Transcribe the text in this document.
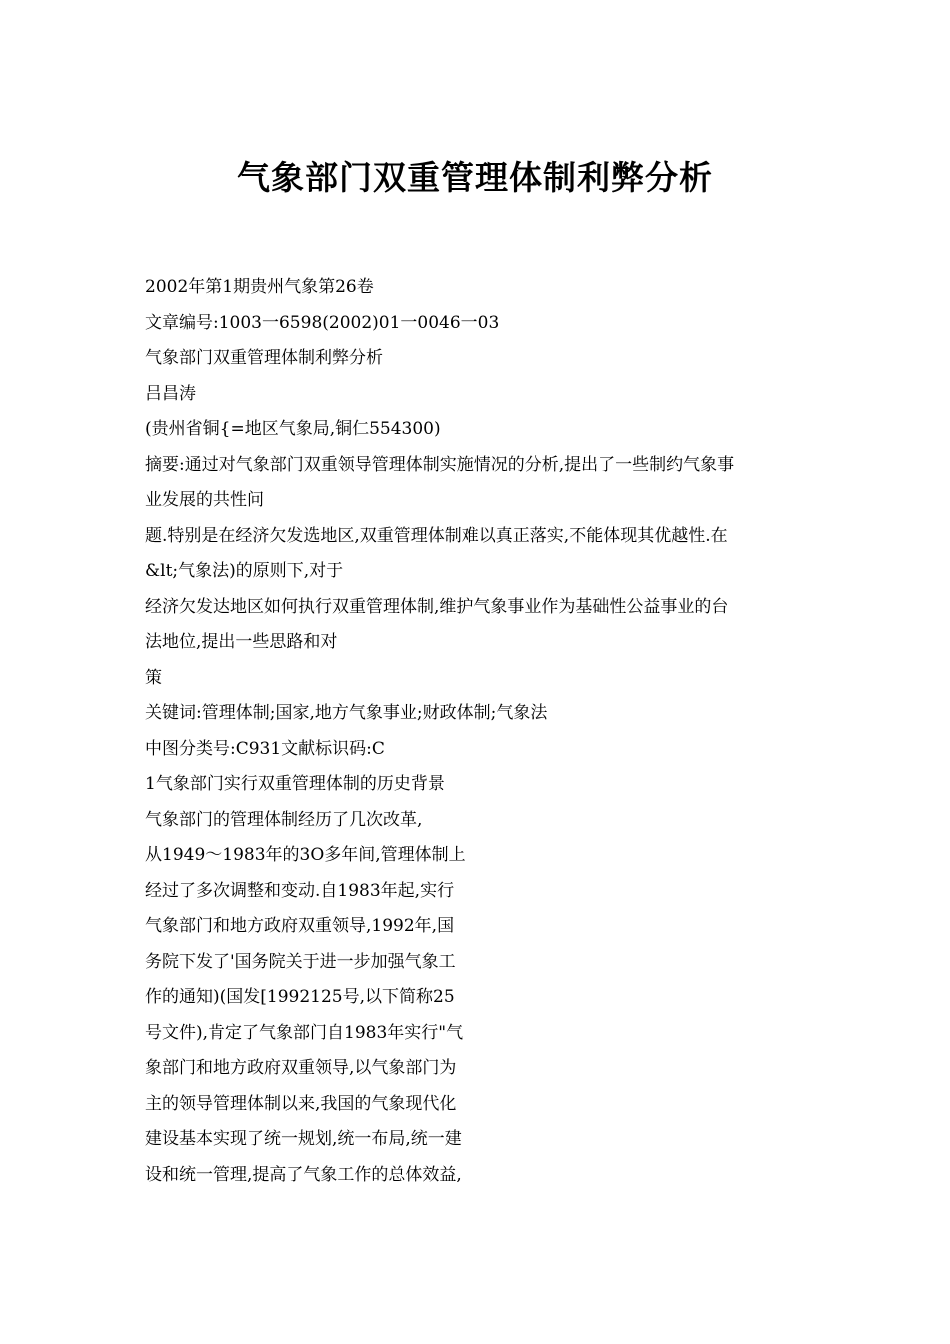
气象部门双重管理体制利弊分析
2002年第1期贵州气象第26卷
文章编号:1003一6598(2002)01一0046一03
气象部门双重管理体制利弊分析
吕昌涛
(贵州省铜{=地区气象局,铜仁554300)
摘要:通过对气象部门双重领导管理体制实施情况的分析,提出了一些制约气象事
业发展的共性问
题.特别是在经济欠发选地区,双重管理体制难以真正落实,不能体现其优越性.在
&lt;气象法)的原则下,对于
经济欠发达地区如何执行双重管理体制,维护气象事业作为基础性公益事业的台
法地位,提出一些思路和对
策
关键词:管理体制;国家,地方气象事业;财政体制;气象法
中图分类号:C931文献标识码:C
1气象部门实行双重管理体制的历史背景
气象部门的管理体制经历了几次改革,
从1949～1983年的3O多年间,管理体制上
经过了多次调整和变动.自1983年起,实行
气象部门和地方政府双重领导,1992年,国
务院下发了'国务院关于进一步加强气象工
作的通知)(国发[1992125号,以下简称25
号文件),肯定了气象部门自1983年实行"气
象部门和地方政府双重领导,以气象部门为
主的领导管理体制以来,我国的气象现代化
建设基本实现了统一规划,统一布局,统一建
设和统一管理,提高了气象工作的总体效益,
